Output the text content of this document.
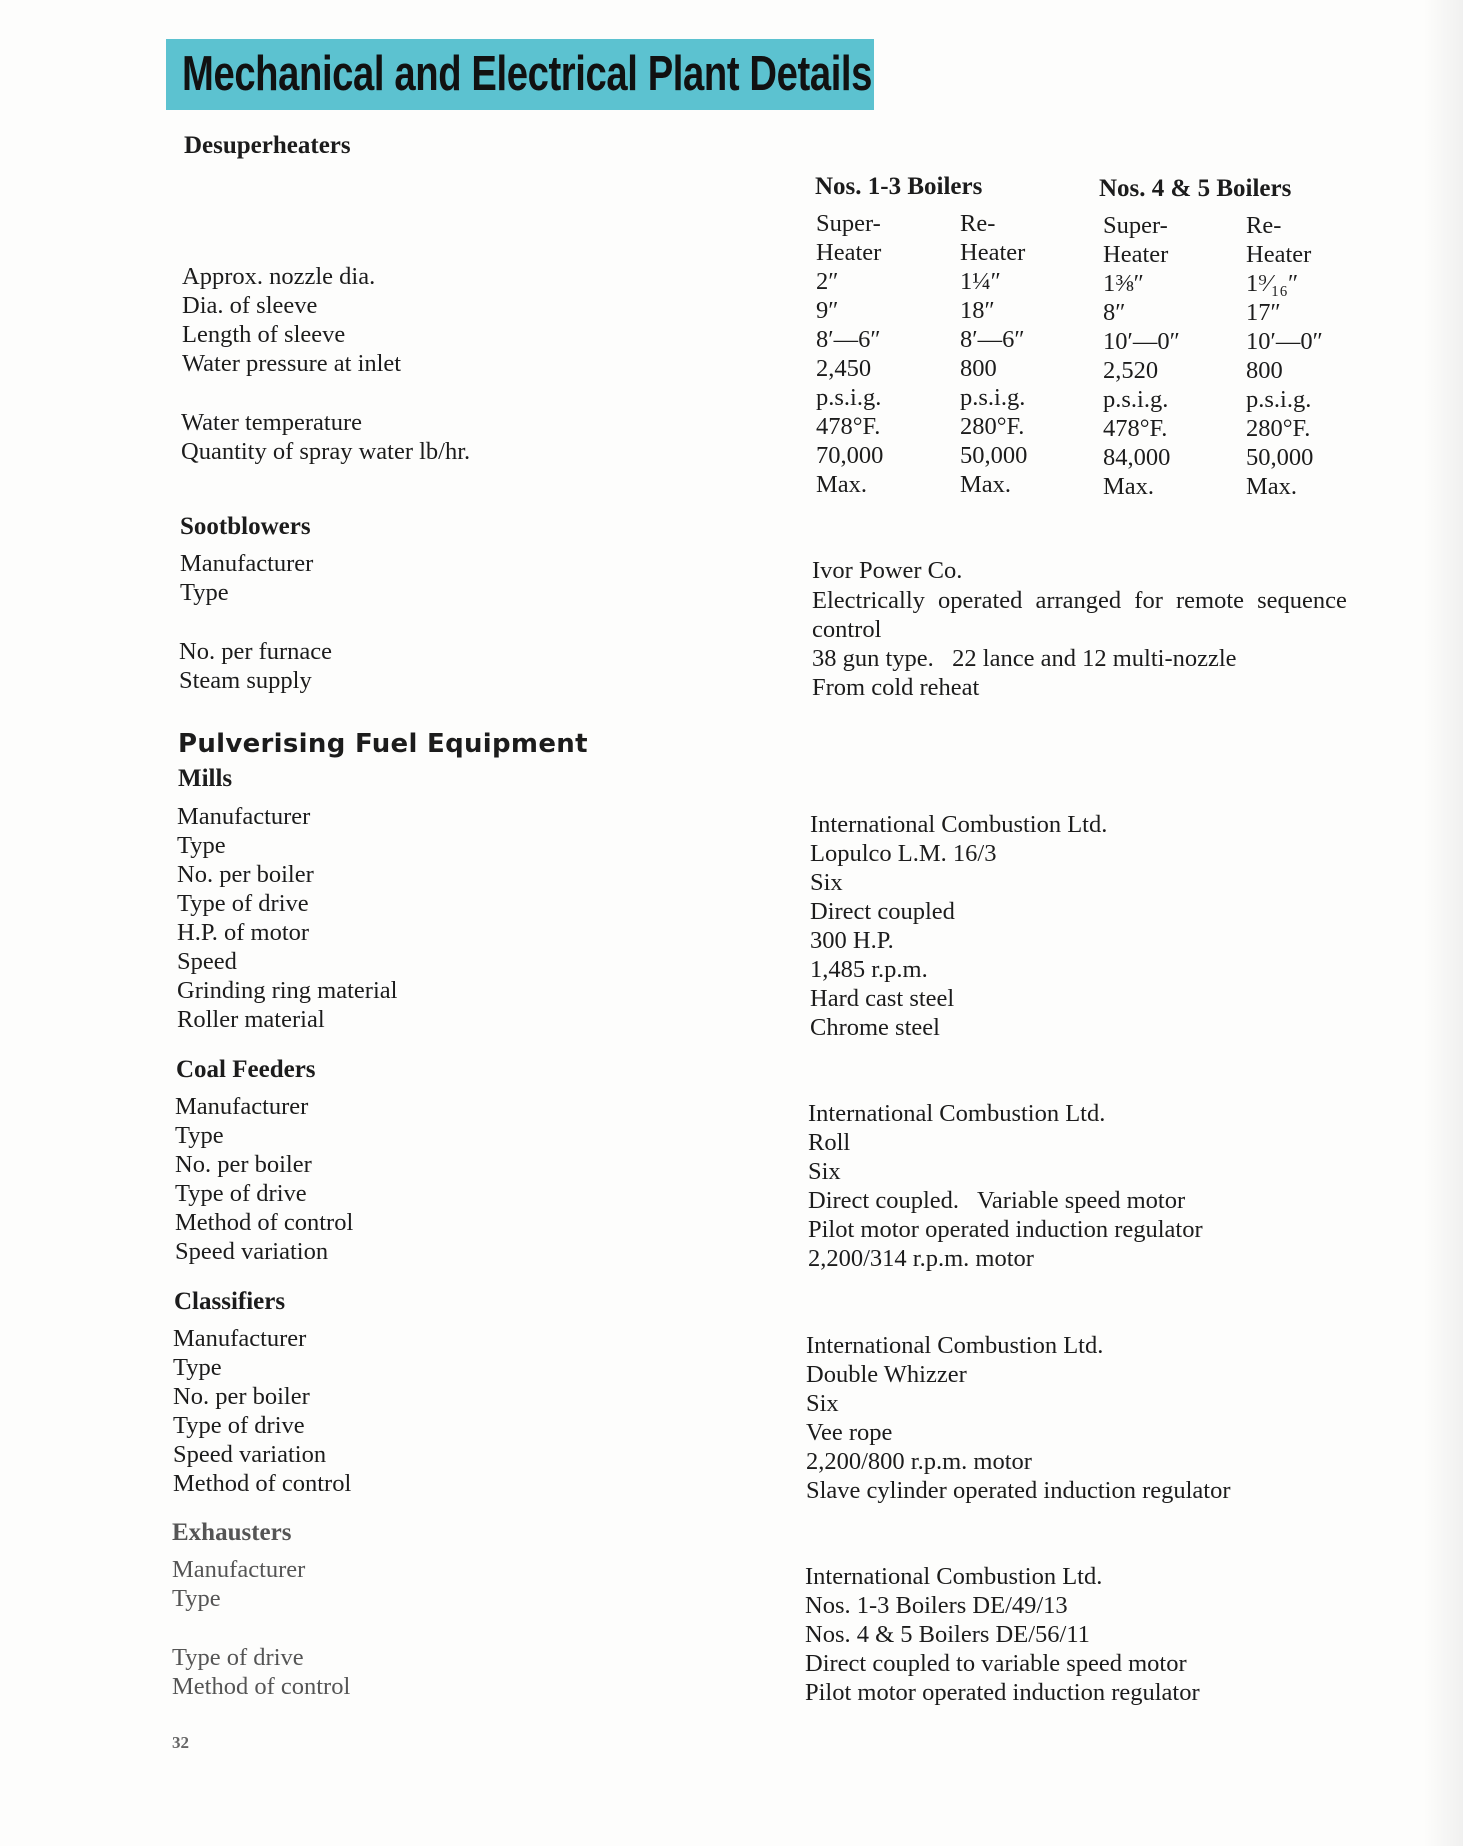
Mechanical and Electrical Plant Details
Desuperheaters
Nos. 1-3 Boilers	Nos. 4 & 5 Boilers
Super-
Heater
2″
9″
8′—6″
2,450
p.s.i.g.
478°F.
70,000
Max.
Re-
Heater
1¼″
18″
8′—6″
800
p.s.i.g.
280°F.
50,000
Max.
Super-
Heater
1⅜″
8″
10′—0″
2,520
p.s.i.g.
478°F.
84,000
Max.
Re-
Heater
1⁹⁄₁₆″
17″
10′—0″
800
p.s.i.g.
280°F.
50,000
Max.
Approx. nozzle dia.
Dia. of sleeve
Length of sleeve
Water pressure at inlet
Water temperature
Quantity of spray water lb/hr.
Sootblowers
Manufacturer
Type
No. per furnace
Steam supply
Ivor Power Co.
Electrically operated arranged for remote sequence
control
38 gun type.   22 lance and 12 multi-nozzle
From cold reheat
Pulverising Fuel Equipment
Mills
Manufacturer
Type
No. per boiler
Type of drive
H.P. of motor
Speed
Grinding ring material
Roller material
International Combustion Ltd.
Lopulco L.M. 16/3
Six
Direct coupled
300 H.P.
1,485 r.p.m.
Hard cast steel
Chrome steel
Coal Feeders
Manufacturer
Type
No. per boiler
Type of drive
Method of control
Speed variation
International Combustion Ltd.
Roll
Six
Direct coupled.   Variable speed motor
Pilot motor operated induction regulator
2,200/314 r.p.m. motor
Classifiers
Manufacturer
Type
No. per boiler
Type of drive
Speed variation
Method of control
International Combustion Ltd.
Double Whizzer
Six
Vee rope
2,200/800 r.p.m. motor
Slave cylinder operated induction regulator
Exhausters
Manufacturer
Type
Type of drive
Method of control
International Combustion Ltd.
Nos. 1-3 Boilers DE/49/13
Nos. 4 & 5 Boilers DE/56/11
Direct coupled to variable speed motor
Pilot motor operated induction regulator
32
